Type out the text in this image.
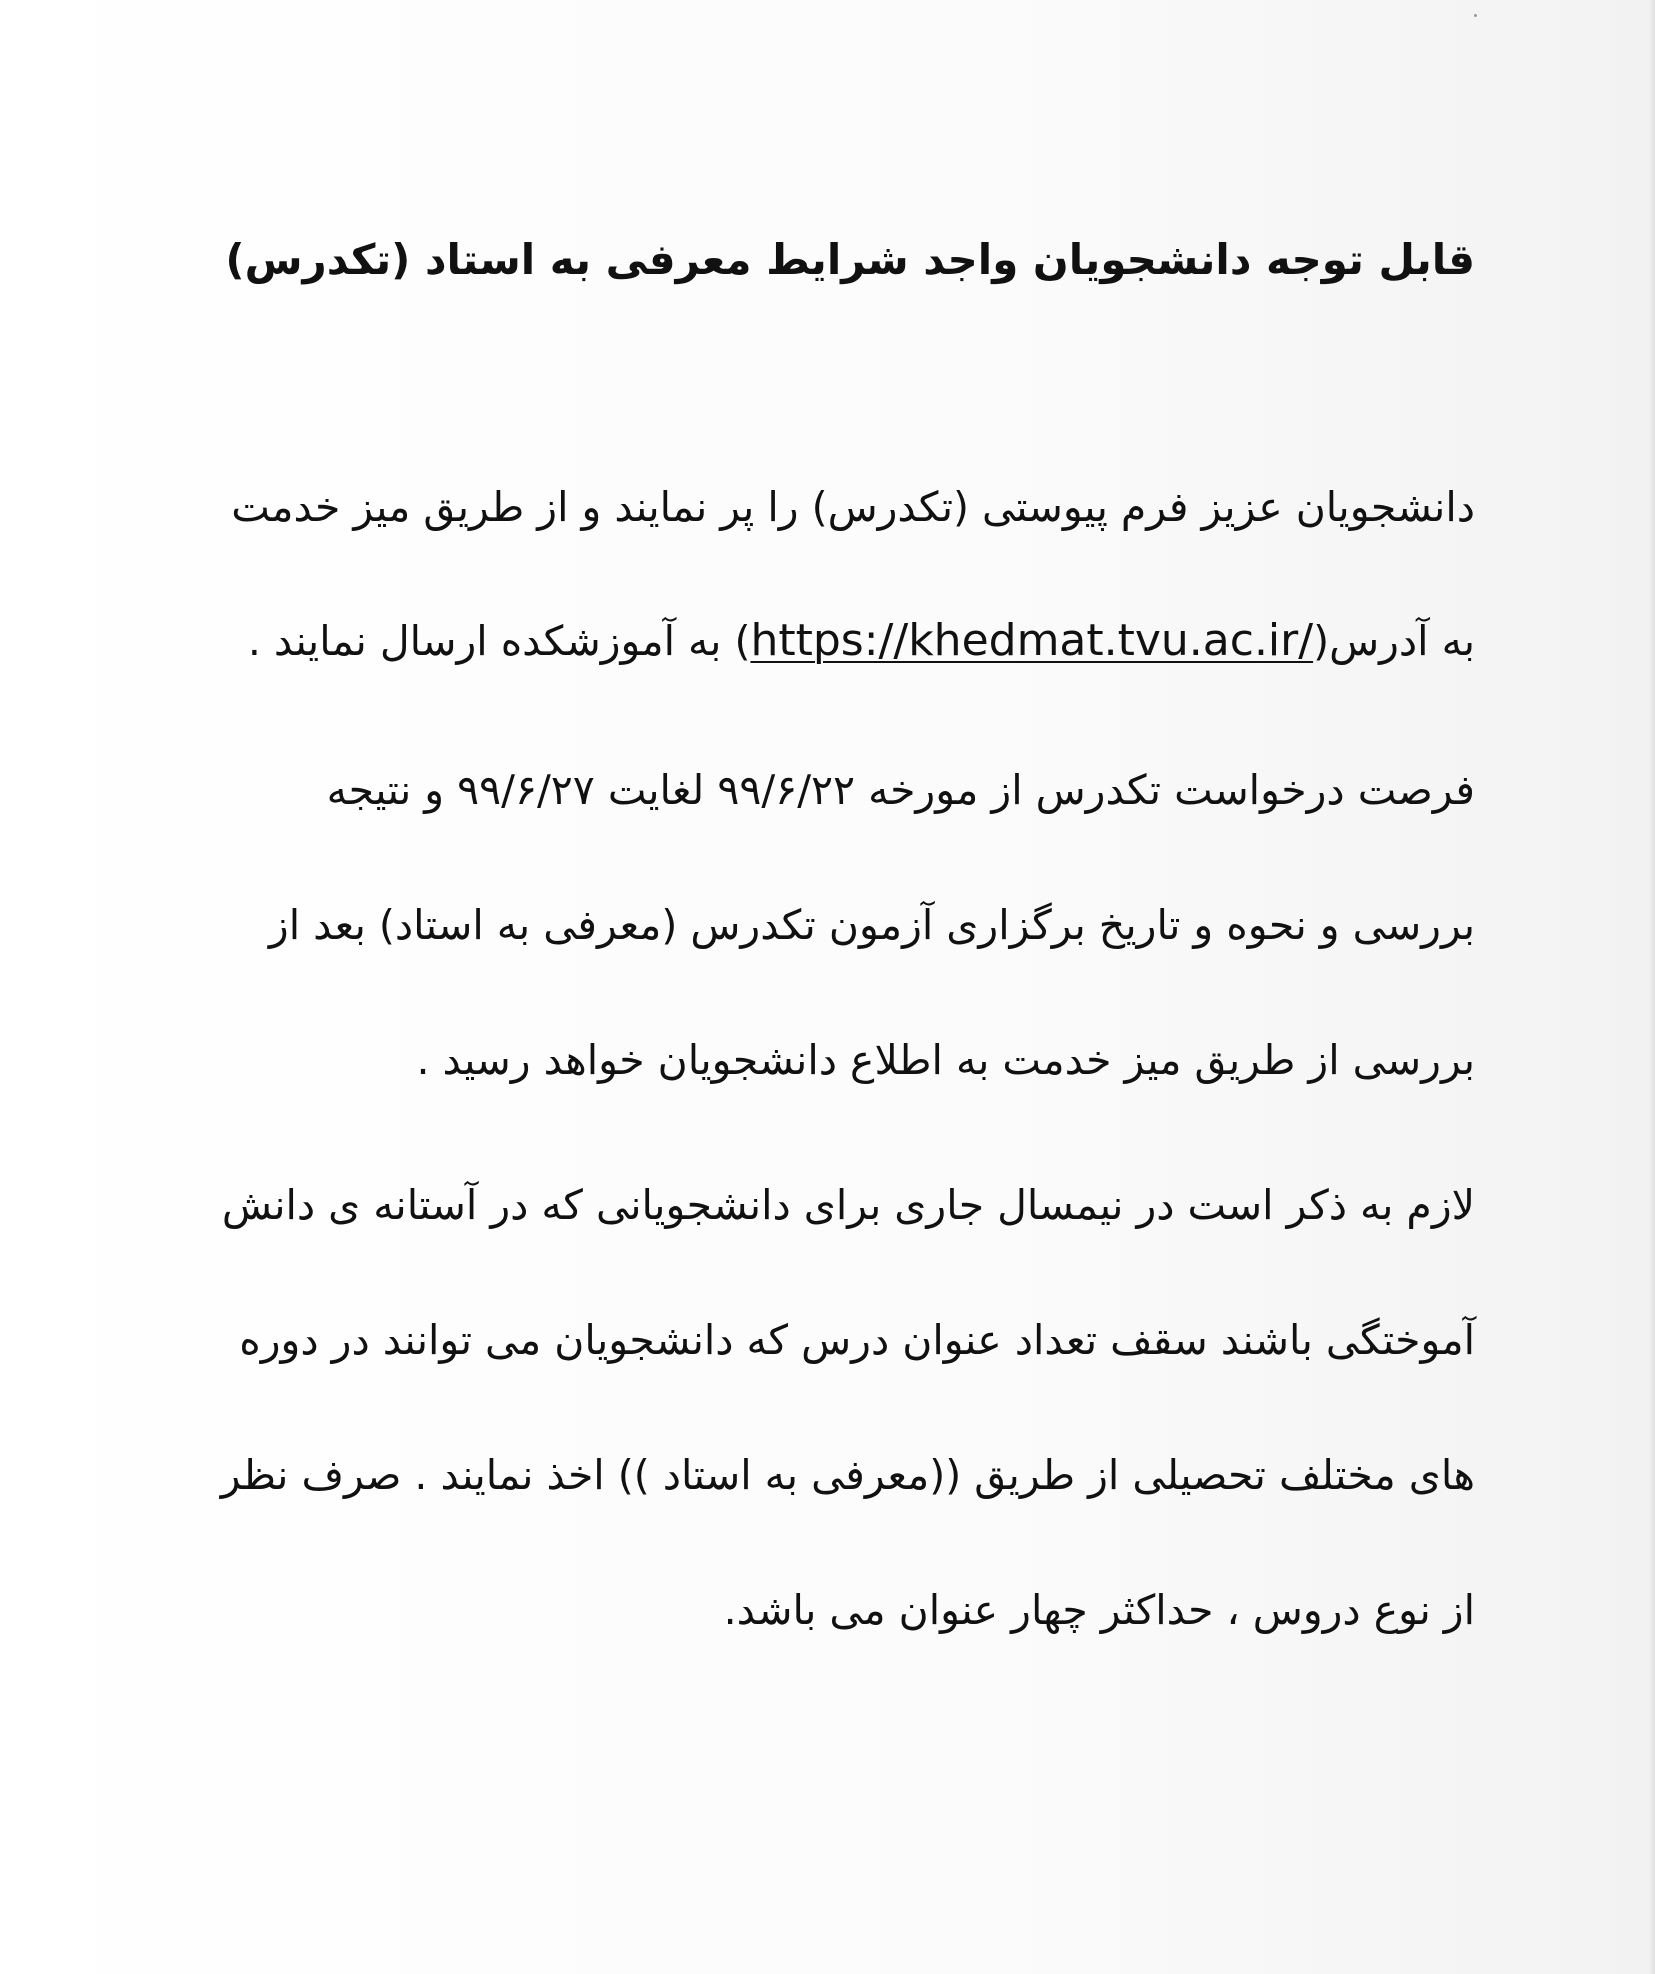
قابل توجه دانشجویان واجد شرایط معرفی به استاد (تکدرس)

دانشجویان عزیز فرم پیوستی (تکدرس) را پر نمایند و از طریق میز خدمت

به آدرس(https://khedmat.tvu.ac.ir/) به آموزشکده ارسال نمایند .

فرصت درخواست تکدرس از مورخه ۹۹/۶/۲۲ لغایت ۹۹/۶/۲۷ و نتیجه

بررسی و نحوه و تاریخ برگزاری آزمون تکدرس (معرفی به استاد) بعد از

بررسی از طریق میز خدمت به اطلاع دانشجویان خواهد رسید .

لازم به ذکر است در نیمسال جاری برای دانشجویانی که در آستانه ی دانش

آموختگی باشند سقف تعداد عنوان درس که دانشجویان می توانند در دوره

های مختلف تحصیلی از طریق ((معرفی به استاد )) اخذ نمایند . صرف نظر

از نوع دروس ، حداکثر چهار عنوان می باشد.
